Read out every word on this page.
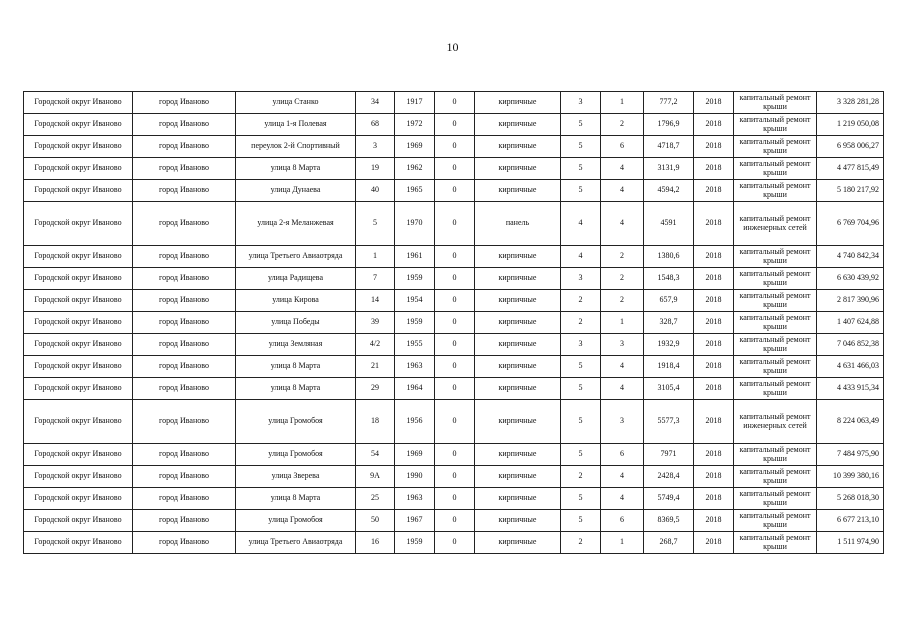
10
Городской округ Иваново	город Иваново	улица Станко	34	1917	0	кирпичные	3	1	777,2	2018	капитальный ремонт крыши	3 328 281,28
Городской округ Иваново	город Иваново	улица 1-я Полевая	68	1972	0	кирпичные	5	2	1796,9	2018	капитальный ремонт крыши	1 219 050,08
Городской округ Иваново	город Иваново	переулок 2-й Спортивный	3	1969	0	кирпичные	5	6	4718,7	2018	капитальный ремонт крыши	6 958 006,27
Городской округ Иваново	город Иваново	улица 8 Марта	19	1962	0	кирпичные	5	4	3131,9	2018	капитальный ремонт крыши	4 477 815,49
Городской округ Иваново	город Иваново	улица Дунаева	40	1965	0	кирпичные	5	4	4594,2	2018	капитальный ремонт крыши	5 180 217,92
Городской округ Иваново	город Иваново	улица 2-я Меланжевая	5	1970	0	панель	4	4	4591	2018	капитальный ремонт инженерных сетей	6 769 704,96
Городской округ Иваново	город Иваново	улица Третьего Авиаотряда	1	1961	0	кирпичные	4	2	1380,6	2018	капитальный ремонт крыши	4 740 842,34
Городской округ Иваново	город Иваново	улица Радищева	7	1959	0	кирпичные	3	2	1548,3	2018	капитальный ремонт крыши	6 630 439,92
Городской округ Иваново	город Иваново	улица Кирова	14	1954	0	кирпичные	2	2	657,9	2018	капитальный ремонт крыши	2 817 390,96
Городской округ Иваново	город Иваново	улица Победы	39	1959	0	кирпичные	2	1	328,7	2018	капитальный ремонт крыши	1 407 624,88
Городской округ Иваново	город Иваново	улица Земляная	4/2	1955	0	кирпичные	3	3	1932,9	2018	капитальный ремонт крыши	7 046 852,38
Городской округ Иваново	город Иваново	улица 8 Марта	21	1963	0	кирпичные	5	4	1918,4	2018	капитальный ремонт крыши	4 631 466,03
Городской округ Иваново	город Иваново	улица 8 Марта	29	1964	0	кирпичные	5	4	3105,4	2018	капитальный ремонт крыши	4 433 915,34
Городской округ Иваново	город Иваново	улица Громобоя	18	1956	0	кирпичные	5	3	5577,3	2018	капитальный ремонт инженерных сетей	8 224 063,49
Городской округ Иваново	город Иваново	улица Громобоя	54	1969	0	кирпичные	5	6	7971	2018	капитальный ремонт крыши	7 484 975,90
Городской округ Иваново	город Иваново	улица Зверева	9А	1990	0	кирпичные	2	4	2428,4	2018	капитальный ремонт крыши	10 399 380,16
Городской округ Иваново	город Иваново	улица 8 Марта	25	1963	0	кирпичные	5	4	5749,4	2018	капитальный ремонт крыши	5 268 018,30
Городской округ Иваново	город Иваново	улица Громобоя	50	1967	0	кирпичные	5	6	8369,5	2018	капитальный ремонт крыши	6 677 213,10
Городской округ Иваново	город Иваново	улица Третьего Авиаотряда	16	1959	0	кирпичные	2	1	268,7	2018	капитальный ремонт крыши	1 511 974,90
